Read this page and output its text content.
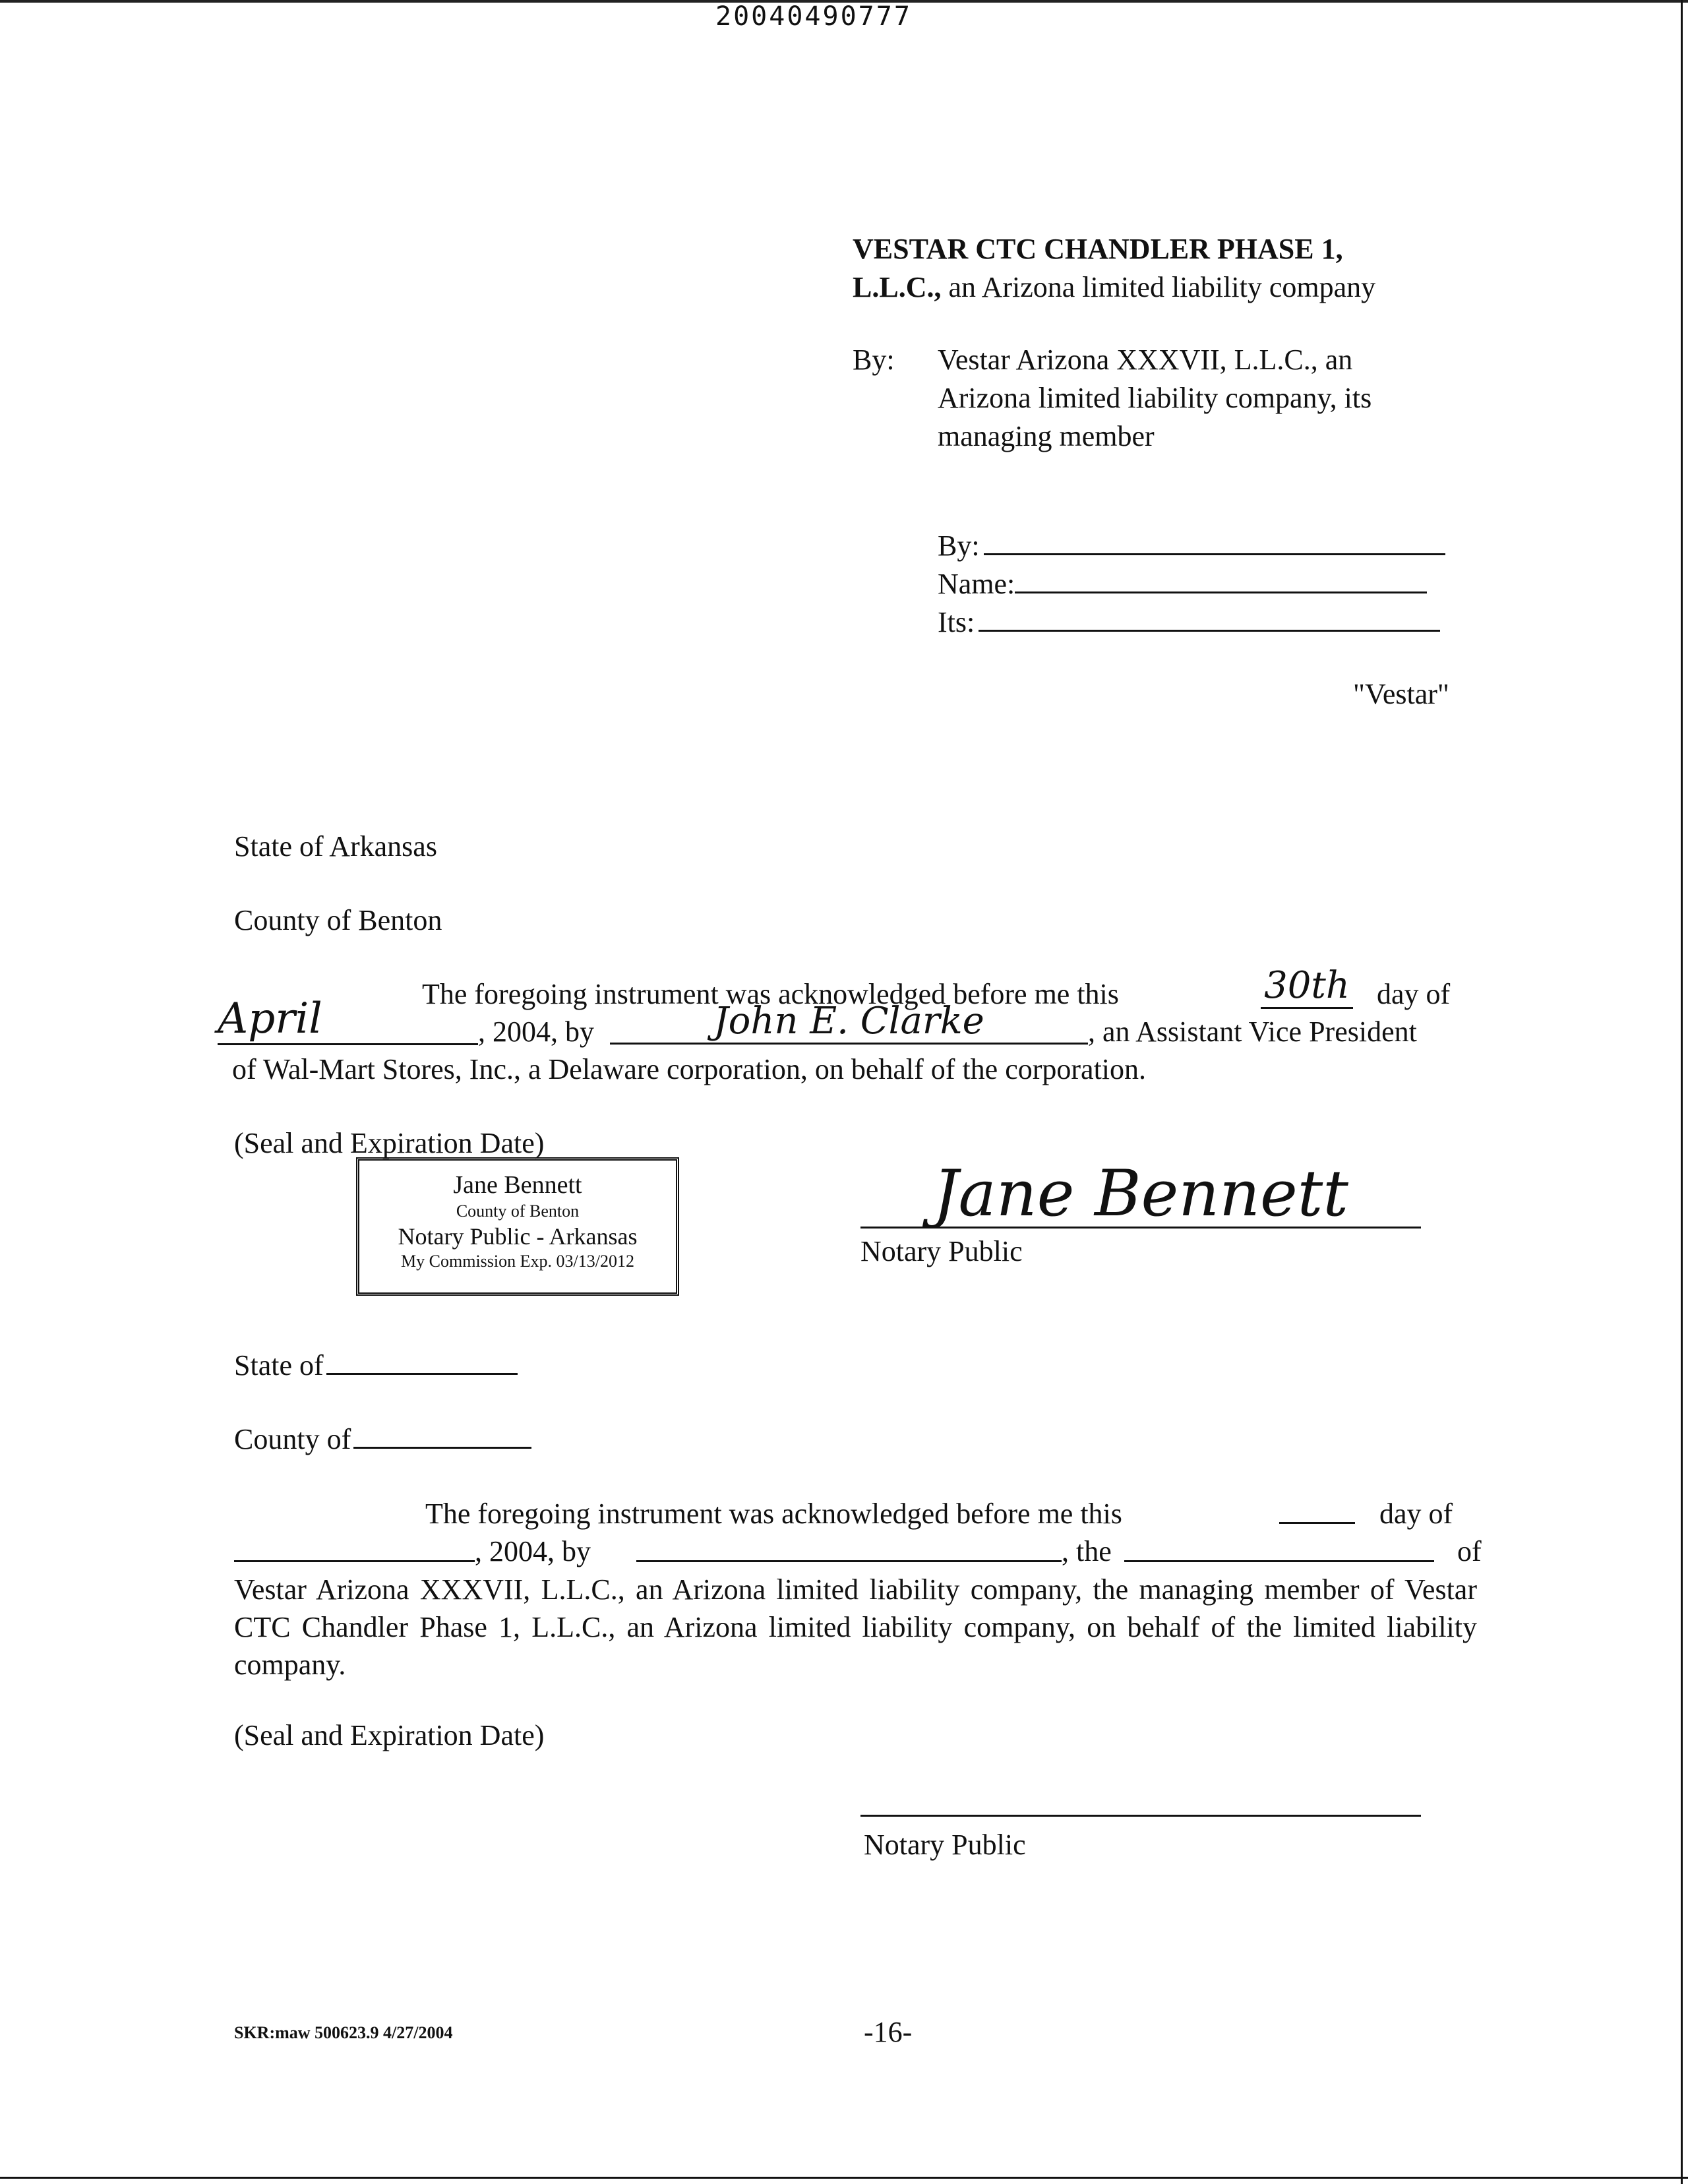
20040490777
VESTAR CTC CHANDLER PHASE 1,
L.L.C., an Arizona limited liability company
By: Vestar Arizona XXXVII, L.L.C., an
Arizona limited liability company, its
managing member
By:
Name:
Its:
"Vestar"
State of Arkansas
County of Benton
The foregoing instrument was acknowledged before me this	30th day of
April	, 2004, by	John E. Clarke	, an Assistant Vice President
of Wal-Mart Stores, Inc., a Delaware corporation, on behalf of the corporation.
(Seal and Expiration Date)
Jane Bennett
County of Benton
Notary Public - Arkansas
My Commission Exp. 03/13/2012
Jane Bennett
Notary Public
State of
County of
The foregoing instrument was acknowledged before me this	day of
, 2004, by	, the	of
Vestar Arizona XXXVII, L.L.C., an Arizona limited liability company, the managing member of Vestar CTC Chandler Phase 1, L.L.C., an Arizona limited liability company, on behalf of the limited liability company.
(Seal and Expiration Date)
Notary Public
SKR:maw 500623.9 4/27/2004	-16-
